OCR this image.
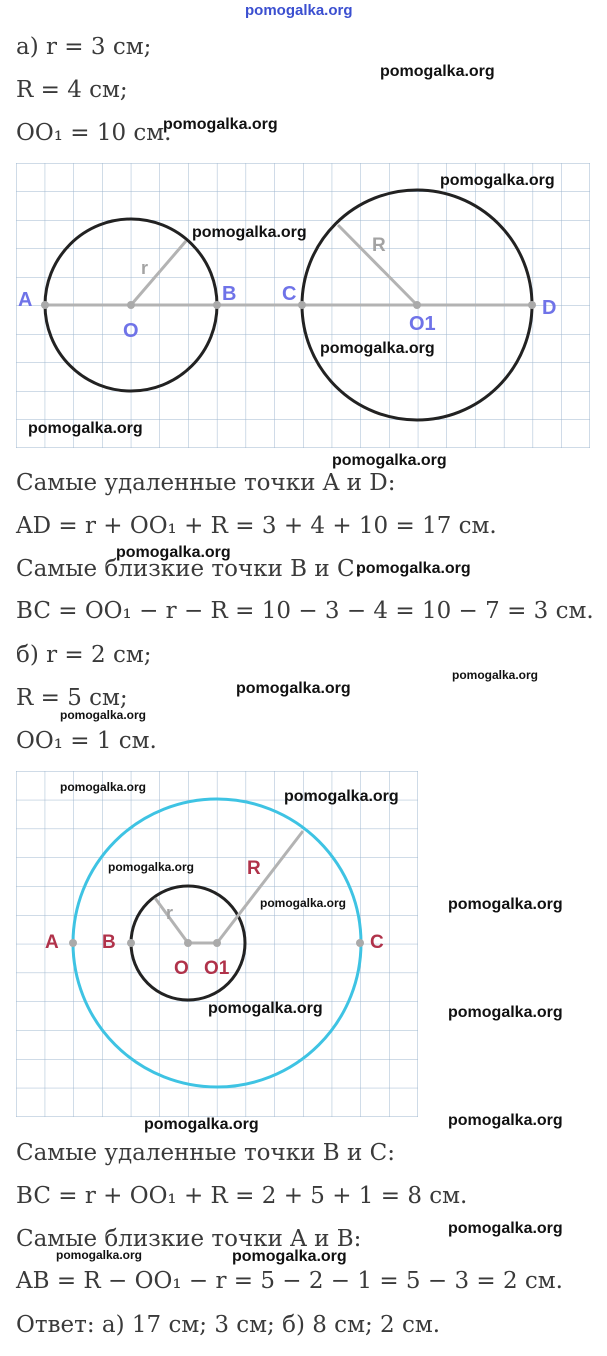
pomogalka.org
а) r = 3 см;
R = 4 см;
OO₁ = 10 см.
A
O
B C
O1
D
r
R
Самые удаленные точки A и D:
AD = r + OO₁ + R = 3 + 4 + 10 = 17 см.
Самые близкие точки B и C:
BC = OO₁ − r − R = 10 − 3 − 4 = 10 − 7 = 3 см.
б) r = 2 см;
R = 5 см;
OO₁ = 1 см.
A B
O O1
C
r
R
Самые удаленные точки B и C:
BC = r + OO₁ + R = 2 + 5 + 1 = 8 см.
Самые близкие точки A и B:
AB = R − OO₁ − r = 5 − 2 − 1 = 5 − 3 = 2 см.
Ответ: а) 17 см; 3 см; б) 8 см; 2 см.
pomogalka.org
pomogalka.org
pomogalka.org
pomogalka.org
pomogalka.org
pomogalka.org
pomogalka.org
pomogalka.org
pomogalka.org
pomogalka.org
pomogalka.org
pomogalka.org
pomogalka.org
pomogalka.org
pomogalka.org
pomogalka.org	pomogalka.org
pomogalka.org	pomogalka.org
pomogalka.org	pomogalka.org
pomogalka.org
pomogalka.org	pomogalka.org
